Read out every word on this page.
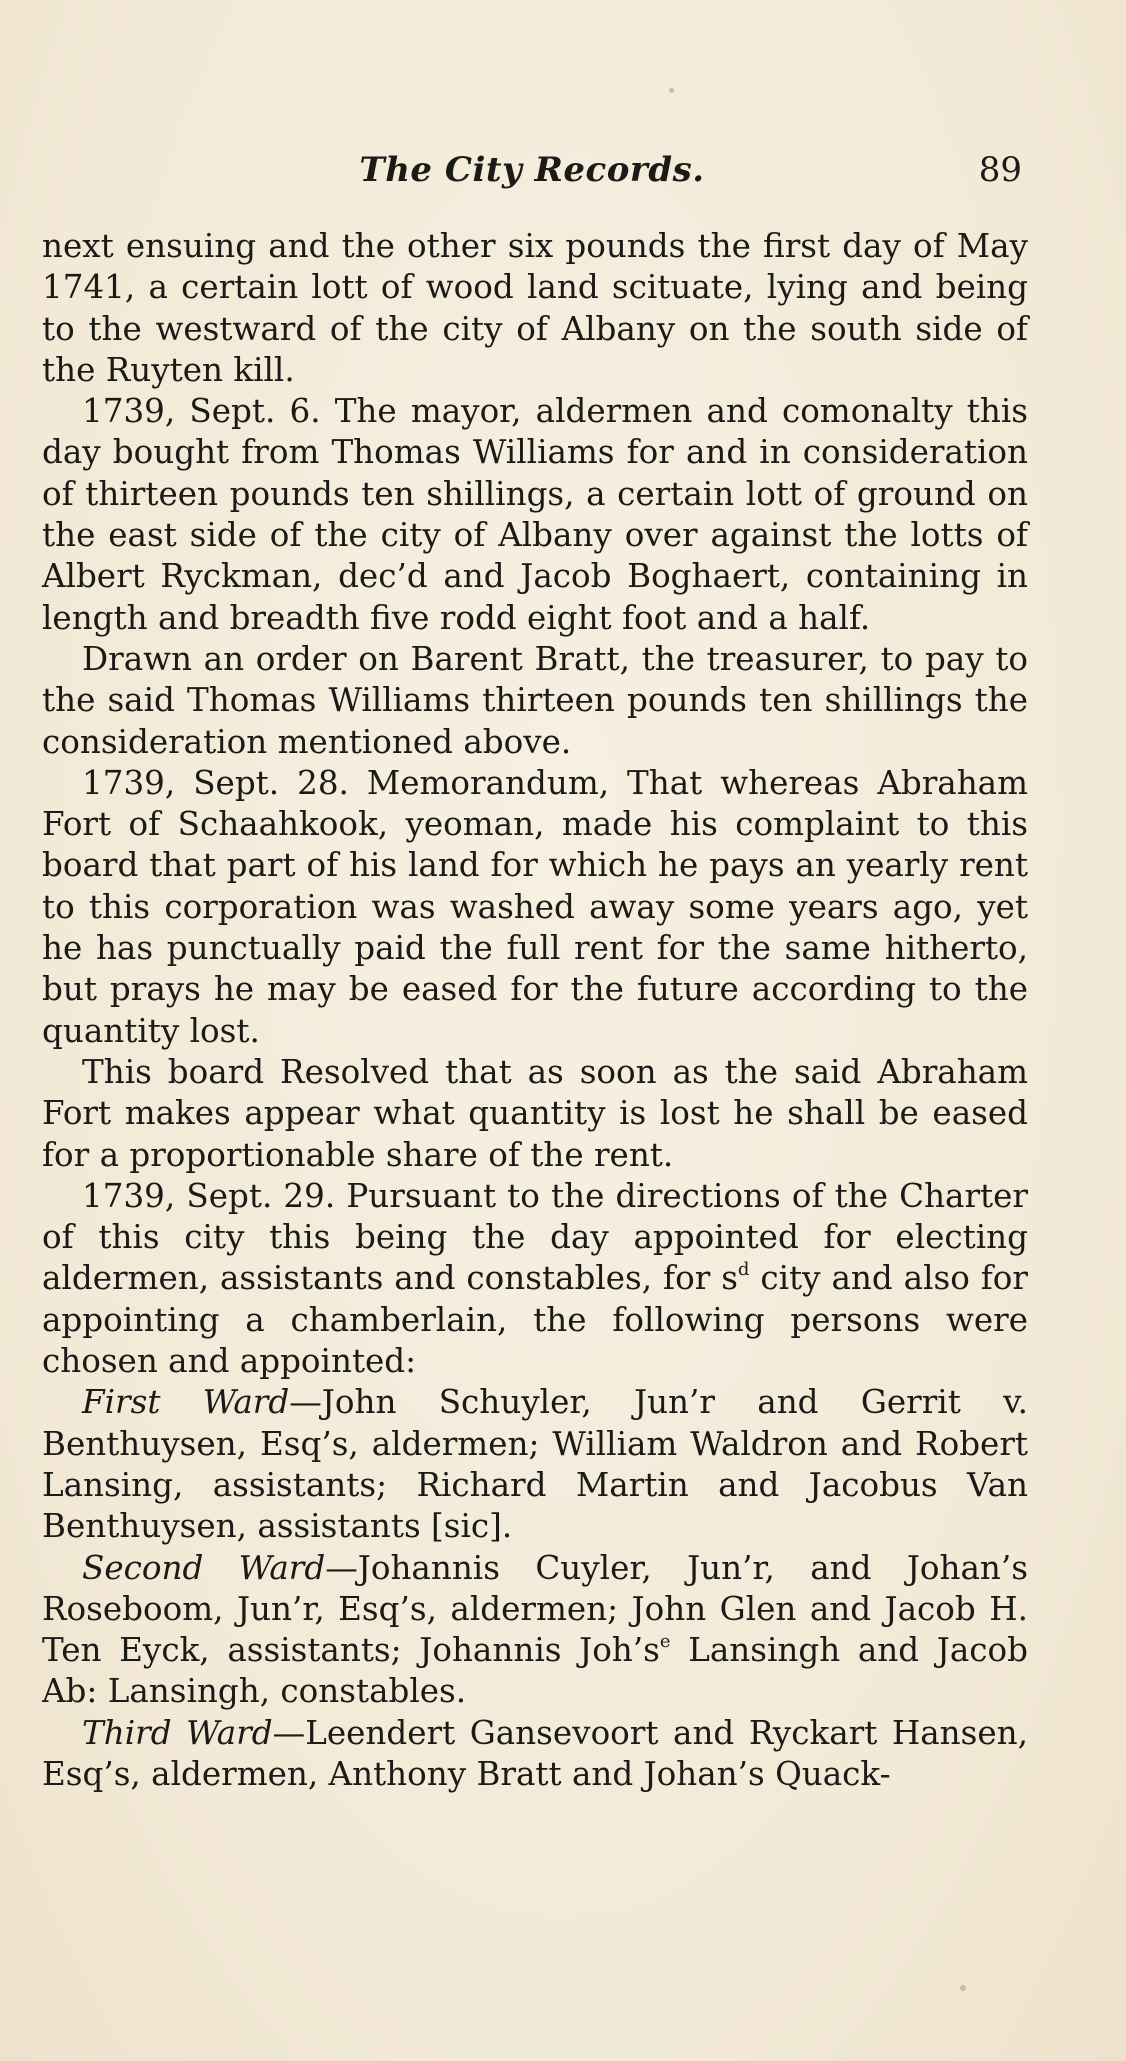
The City Records.	89

next ensuing and the other six pounds the first day of May 1741, a certain lott of wood land scituate, lying and being to the westward of the city of Albany on the south side of the Ruyten kill.

1739, Sept. 6. The mayor, aldermen and comonalty this day bought from Thomas Williams for and in consideration of thirteen pounds ten shillings, a certain lott of ground on the east side of the city of Albany over against the lotts of Albert Ryckman, dec’d and Jacob Boghaert, containing in length and breadth five rodd eight foot and a half.

Drawn an order on Barent Bratt, the treasurer, to pay to the said Thomas Williams thirteen pounds ten shillings the consideration mentioned above.

1739, Sept. 28. Memorandum, That whereas Abraham Fort of Schaahkook, yeoman, made his complaint to this board that part of his land for which he pays an yearly rent to this corporation was washed away some years ago, yet he has punctually paid the full rent for the same hitherto, but prays he may be eased for the future according to the quantity lost.

This board Resolved that as soon as the said Abraham Fort makes appear what quantity is lost he shall be eased for a proportionable share of the rent.

1739, Sept. 29. Pursuant to the directions of the Charter of this city this being the day appointed for electing aldermen, assistants and constables, for $s^d$ city and also for appointing a chamberlain, the following persons were chosen and appointed:

First Ward—John Schuyler, Jun’r and Gerrit v. Benthuysen, Esq’s, aldermen; William Waldron and Robert Lansing, assistants; Richard Martin and Jacobus Van Benthuysen, assistants [sic].

Second Ward—Johannis Cuyler, Jun’r, and Johan’s Roseboom, Jun’r, Esq’s, aldermen; John Glen and Jacob H. Ten Eyck, assistants; Johannis $Joh’s^e$ Lansingh and Jacob Ab: Lansingh, constables.

Third Ward—Leendert Gansevoort and Ryckart Hansen, Esq’s, aldermen, Anthony Bratt and Johan’s Quack-
